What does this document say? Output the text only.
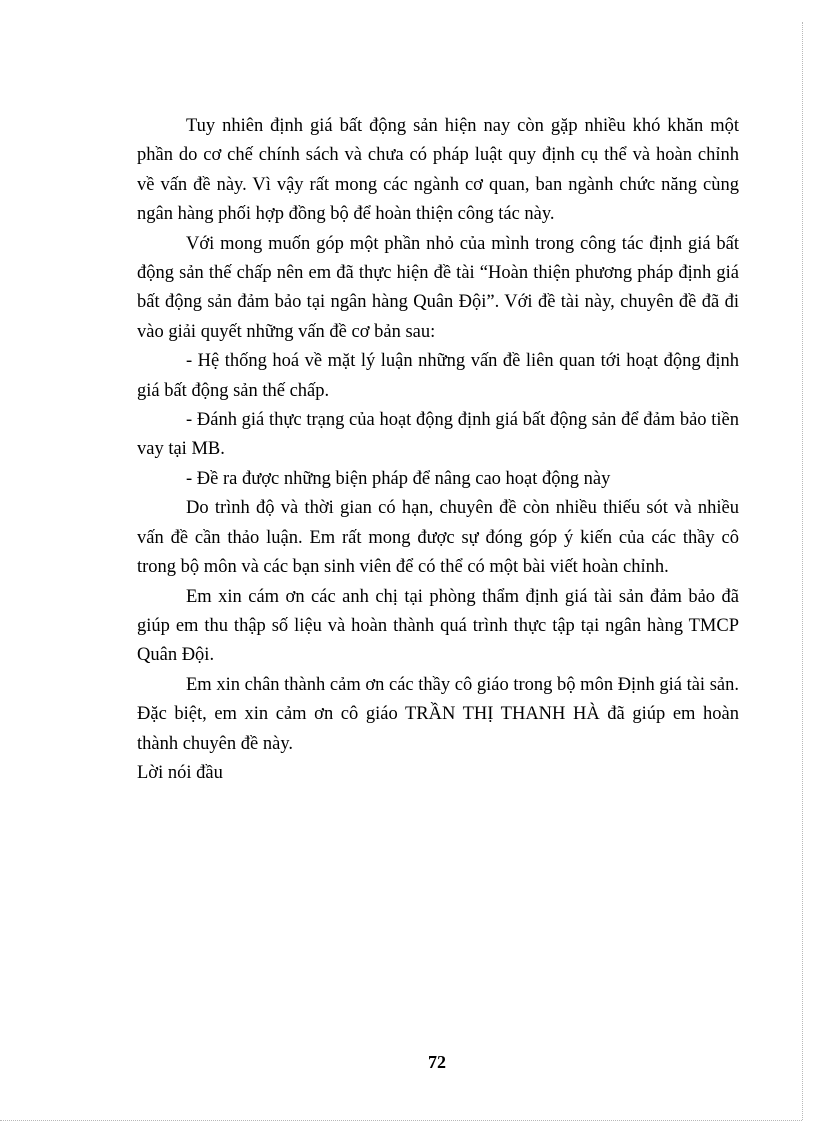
Tuy nhiên định giá bất động sản hiện nay còn gặp nhiều khó khăn một phần do cơ chế chính sách và chưa có pháp luật quy định cụ thể và hoàn chỉnh về vấn đề này. Vì vậy rất mong các ngành cơ quan, ban ngành chức năng cùng ngân hàng phối hợp đồng bộ để hoàn thiện công tác này.

Với mong muốn góp một phần nhỏ của mình trong công tác định giá bất động sản thế chấp nên em đã thực hiện đề tài “Hoàn thiện phương pháp định giá bất động sản đảm bảo tại ngân hàng Quân Đội”. Với đề tài này, chuyên đề đã đi vào giải quyết những vấn đề cơ bản sau:

- Hệ thống hoá về mặt lý luận những vấn đề liên quan tới hoạt động định giá bất động sản thế chấp.

- Đánh giá thực trạng của hoạt động định giá bất động sản để đảm bảo tiền vay tại MB.

- Đề ra được những biện pháp để nâng cao hoạt động này

Do trình độ và thời gian có hạn, chuyên đề còn nhiều thiếu sót và nhiều vấn đề cần thảo luận. Em rất mong được sự đóng góp ý kiến của các thầy cô trong bộ môn và các bạn sinh viên để có thể có một bài viết hoàn chỉnh.

Em xin cám ơn các anh chị tại phòng thẩm định giá tài sản đảm bảo đã giúp em thu thập số liệu và hoàn thành quá trình thực tập tại ngân hàng TMCP Quân Đội.

Em xin chân thành cảm ơn các thầy cô giáo trong bộ môn Định giá tài sản. Đặc biệt, em xin cảm ơn cô giáo TRẦN THỊ THANH HÀ đã giúp em hoàn thành chuyên đề này.

Lời nói đầu

72
